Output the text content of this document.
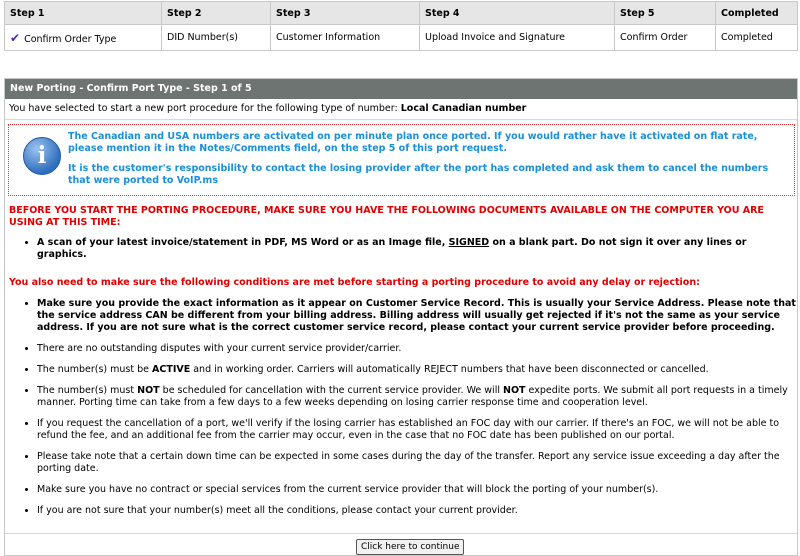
Step 1	Step 2	Step 3	Step 4	Step 5	Completed
✔ Confirm Order Type	DID Number(s)	Customer Information	Upload Invoice and Signature	Confirm Order	Completed
New Porting - Confirm Port Type - Step 1 of 5
You have selected to start a new port procedure for the following type of number: Local Canadian number
i

The Canadian and USA numbers are activated on per minute plan once ported. If you would rather have it activated on flat rate, please mention it in the Notes/Comments field, on the step 5 of this port request.

It is the customer's responsibility to contact the losing provider after the port has completed and ask them to cancel the numbers that were ported to VoIP.ms

BEFORE YOU START THE PORTING PROCEDURE, MAKE SURE YOU HAVE THE FOLLOWING DOCUMENTS AVAILABLE ON THE COMPUTER YOU ARE USING AT THIS TIME:
• A scan of your latest invoice/statement in PDF, MS Word or as an Image file, SIGNED on a blank part. Do not sign it over any lines or graphics.
You also need to make sure the following conditions are met before starting a porting procedure to avoid any delay or rejection:
• Make sure you provide the exact information as it appear on Customer Service Record. This is usually your Service Address. Please note that the service address CAN be different from your billing address. Billing address will usually get rejected if it's not the same as your service address. If you are not sure what is the correct customer service record, please contact your current service provider before proceeding.
• There are no outstanding disputes with your current service provider/carrier.
• The number(s) must be ACTIVE and in working order. Carriers will automatically REJECT numbers that have been disconnected or cancelled.
• The number(s) must NOT be scheduled for cancellation with the current service provider. We will NOT expedite ports. We submit all port requests in a timely manner. Porting time can take from a few days to a few weeks depending on losing carrier response time and cooperation level.
• If you request the cancellation of a port, we'll verify if the losing carrier has established an FOC day with our carrier. If there's an FOC, we will not be able to refund the fee, and an additional fee from the carrier may occur, even in the case that no FOC date has been published on our portal.
• Please take note that a certain down time can be expected in some cases during the day of the transfer. Report any service issue exceeding a day after the porting date.
• Make sure you have no contract or special services from the current service provider that will block the porting of your number(s).
• If you are not sure that your number(s) meet all the conditions, please contact your current provider.
Click here to continue
